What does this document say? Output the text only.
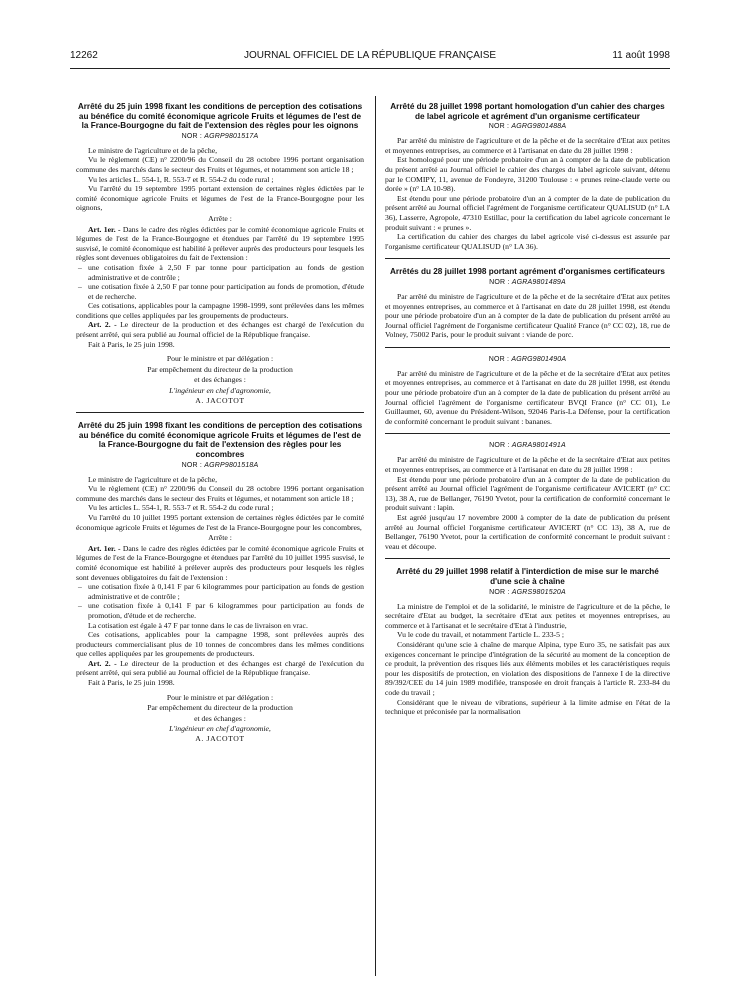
12262	JOURNAL OFFICIEL DE LA RÉPUBLIQUE FRANÇAISE	11 août 1998
Arrêté du 25 juin 1998 fixant les conditions de perception des cotisations au bénéfice du comité économique agricole Fruits et légumes de l'est de la France-Bourgogne du fait de l'extension des règles pour les oignons
NOR : AGRP9801517A

Le ministre de l'agriculture et de la pêche,

Vu le règlement (CE) n° 2200/96 du Conseil du 28 octobre 1996 portant organisation commune des marchés dans le secteur des Fruits et légumes, et notamment son article 18 ;

Vu les articles L. 554-1, R. 553-7 et R. 554-2 du code rural ;

Vu l'arrêté du 19 septembre 1995 portant extension de certaines règles édictées par le comité économique agricole Fruits et légumes de l'est de la France-Bourgogne pour les oignons,

Arrête :

Art. 1er. - Dans le cadre des règles édictées par le comité économique agricole Fruits et légumes de l'est de la France-Bourgogne et étendues par l'arrêté du 19 septembre 1995 susvisé, le comité économique est habilité à prélever auprès des producteurs pour lesquels les règles sont devenues obligatoires du fait de l'extension :

– une cotisation fixée à 2,50 F par tonne pour participation au fonds de gestion administrative et de contrôle ;

– une cotisation fixée à 2,50 F par tonne pour participation au fonds de promotion, d'étude et de recherche.

Ces cotisations, applicables pour la campagne 1998-1999, sont prélevées dans les mêmes conditions que celles appliquées par les groupements de producteurs.

Art. 2. - Le directeur de la production et des échanges est chargé de l'exécution du présent arrêté, qui sera publié au Journal officiel de la République française.

Fait à Paris, le 25 juin 1998.

Pour le ministre et par délégation :

Par empêchement du directeur de la production

et des échanges :

L'ingénieur en chef d'agronomie,

A. JACOTOT

Arrêté du 25 juin 1998 fixant les conditions de perception des cotisations au bénéfice du comité économique agricole Fruits et légumes de l'est de la France-Bourgogne du fait de l'extension des règles pour les concombres
NOR : AGRP9801518A

Le ministre de l'agriculture et de la pêche,

Vu le règlement (CE) n° 2200/96 du Conseil du 28 octobre 1996 portant organisation commune des marchés dans le secteur des Fruits et légumes, et notamment son article 18 ;

Vu les articles L. 554-1, R. 553-7 et R. 554-2 du code rural ;

Vu l'arrêté du 10 juillet 1995 portant extension de certaines règles édictées par le comité économique agricole Fruits et légumes de l'est de la France-Bourgogne pour les concombres,

Arrête :

Art. 1er. - Dans le cadre des règles édictées par le comité économique agricole Fruits et légumes de l'est de la France-Bourgogne et étendues par l'arrêté du 10 juillet 1995 susvisé, le comité économique est habilité à prélever auprès des producteurs pour lesquels les règles sont devenues obligatoires du fait de l'extension :

– une cotisation fixée à 0,141 F par 6 kilogrammes pour participation au fonds de gestion administrative et de contrôle ;

– une cotisation fixée à 0,141 F par 6 kilogrammes pour participation au fonds de promotion, d'étude et de recherche.

La cotisation est égale à 47 F par tonne dans le cas de livraison en vrac.

Ces cotisations, applicables pour la campagne 1998, sont prélevées auprès des producteurs commercialisant plus de 10 tonnes de concombres dans les mêmes conditions que celles appliquées par les groupements de producteurs.

Art. 2. - Le directeur de la production et des échanges est chargé de l'exécution du présent arrêté, qui sera publié au Journal officiel de la République française.

Fait à Paris, le 25 juin 1998.

Pour le ministre et par délégation :

Par empêchement du directeur de la production

et des échanges :

L'ingénieur en chef d'agronomie,

A. JACOTOT

Arrêté du 28 juillet 1998 portant homologation d'un cahier des charges de label agricole et agrément d'un organisme certificateur
NOR : AGRG9801488A

Par arrêté du ministre de l'agriculture et de la pêche et de la secrétaire d'Etat aux petites et moyennes entreprises, au commerce et à l'artisanat en date du 28 juillet 1998 :

Est homologué pour une période probatoire d'un an à compter de la date de publication du présent arrêté au Journal officiel le cahier des charges du label agricole suivant, détenu par le COMIPY, 11, avenue de Fondeyre, 31200 Toulouse : « prunes reine-claude verte ou dorée » (n° LA 10-98).

Est étendu pour une période probatoire d'un an à compter de la date de publication du présent arrêté au Journal officiel l'agrément de l'organisme certificateur QUALISUD (n° LA 36), Lasserre, Agropole, 47310 Estillac, pour la certification du label agricole concernant le produit suivant : « prunes ».

La certification du cahier des charges du label agricole visé ci-dessus est assurée par l'organisme certificateur QUALISUD (n° LA 36).

Arrêtés du 28 juillet 1998 portant agrément d'organismes certificateurs
NOR : AGRA9801489A

Par arrêté du ministre de l'agriculture et de la pêche et de la secrétaire d'Etat aux petites et moyennes entreprises, au commerce et à l'artisanat en date du 28 juillet 1998, est étendu pour une période probatoire d'un an à compter de la date de publication du présent arrêté au Journal officiel l'agrément de l'organisme certificateur Qualité France (n° CC 02), 18, rue de Volney, 75002 Paris, pour le produit suivant : viande de porc.

NOR : AGRG9801490A

Par arrêté du ministre de l'agriculture et de la pêche et de la secrétaire d'Etat aux petites et moyennes entreprises, au commerce et à l'artisanat en date du 28 juillet 1998, est étendu pour une période probatoire d'un an à compter de la date de publication du présent arrêté au Journal officiel l'agrément de l'organisme certificateur BVQI France (n° CC 01), Le Guillaumet, 60, avenue du Président-Wilson, 92046 Paris-La Défense, pour la certification de conformité concernant le produit suivant : bananes.

NOR : AGRA9801491A

Par arrêté du ministre de l'agriculture et de la pêche et de la secrétaire d'Etat aux petites et moyennes entreprises, au commerce et à l'artisanat en date du 28 juillet 1998 :

Est étendu pour une période probatoire d'un an à compter de la date de publication du présent arrêté au Journal officiel l'agrément de l'organisme certificateur AVICERT (n° CC 13), 38 A, rue de Bellanger, 76190 Yvetot, pour la certification de conformité concernant le produit suivant : lapin.

Est agréé jusqu'au 17 novembre 2000 à compter de la date de publication du présent arrêté au Journal officiel l'organisme certificateur AVICERT (n° CC 13), 38 A, rue de Bellanger, 76190 Yvetot, pour la certification de conformité concernant le produit suivant : veau et découpe.

Arrêté du 29 juillet 1998 relatif à l'interdiction de mise sur le marché d'une scie à chaîne
NOR : AGRS9801520A

La ministre de l'emploi et de la solidarité, le ministre de l'agriculture et de la pêche, le secrétaire d'Etat au budget, la secrétaire d'Etat aux petites et moyennes entreprises, au commerce et à l'artisanat et le secrétaire d'Etat à l'industrie,

Vu le code du travail, et notamment l'article L. 233-5 ;

Considérant qu'une scie à chaîne de marque Alpina, type Euro 35, ne satisfait pas aux exigences concernant le principe d'intégration de la sécurité au moment de la conception de ce produit, la prévention des risques liés aux éléments mobiles et les caractéristiques requis pour les dispositifs de protection, en violation des dispositions de l'annexe I de la directive 89/392/CEE du 14 juin 1989 modifiée, transposée en droit français à l'article R. 233-84 du code du travail ;

Considérant que le niveau de vibrations, supérieur à la limite admise en l'état de la technique et préconisée par la normalisation
